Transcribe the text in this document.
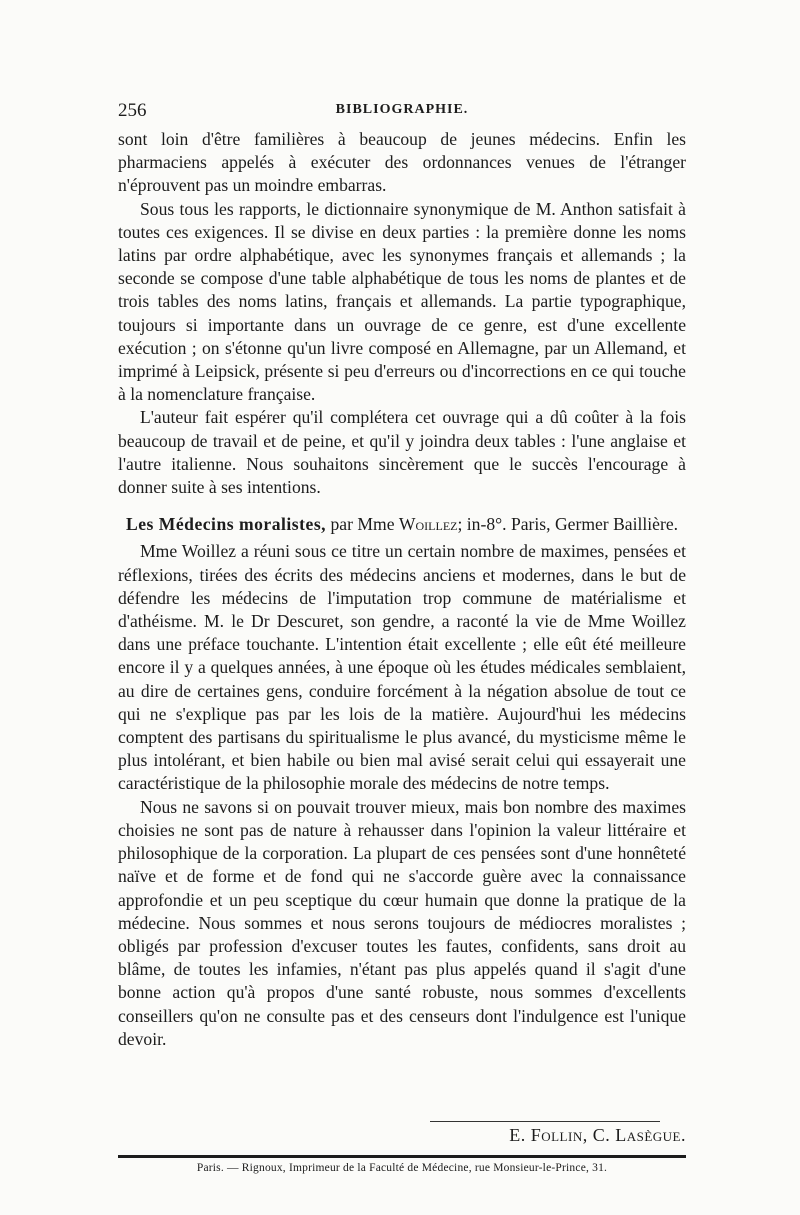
256	BIBLIOGRAPHIE.

sont loin d'être familières à beaucoup de jeunes médecins. Enfin les pharmaciens appelés à exécuter des ordonnances venues de l'étranger n'éprouvent pas un moindre embarras.

Sous tous les rapports, le dictionnaire synonymique de M. Anthon satisfait à toutes ces exigences. Il se divise en deux parties : la première donne les noms latins par ordre alphabétique, avec les synonymes français et allemands ; la seconde se compose d'une table alphabétique de tous les noms de plantes et de trois tables des noms latins, français et allemands. La partie typographique, toujours si importante dans un ouvrage de ce genre, est d'une excellente exécution ; on s'étonne qu'un livre composé en Allemagne, par un Allemand, et imprimé à Leipsick, présente si peu d'erreurs ou d'incorrections en ce qui touche à la nomenclature française.

L'auteur fait espérer qu'il complétera cet ouvrage qui a dû coûter à la fois beaucoup de travail et de peine, et qu'il y joindra deux tables : l'une anglaise et l'autre italienne. Nous souhaitons sincèrement que le succès l'encourage à donner suite à ses intentions.

Les Médecins moralistes, par Mme Woillez; in-8°. Paris, Germer Baillière.

Mme Woillez a réuni sous ce titre un certain nombre de maximes, pensées et réflexions, tirées des écrits des médecins anciens et modernes, dans le but de défendre les médecins de l'imputation trop commune de matérialisme et d'athéisme. M. le Dr Descuret, son gendre, a raconté la vie de Mme Woillez dans une préface touchante. L'intention était excellente ; elle eût été meilleure encore il y a quelques années, à une époque où les études médicales semblaient, au dire de certaines gens, conduire forcément à la négation absolue de tout ce qui ne s'explique pas par les lois de la matière. Aujourd'hui les médecins comptent des partisans du spiritualisme le plus avancé, du mysticisme même le plus intolérant, et bien habile ou bien mal avisé serait celui qui essayerait une caractéristique de la philosophie morale des médecins de notre temps.

Nous ne savons si on pouvait trouver mieux, mais bon nombre des maximes choisies ne sont pas de nature à rehausser dans l'opinion la valeur littéraire et philosophique de la corporation. La plupart de ces pensées sont d'une honnêteté naïve et de forme et de fond qui ne s'accorde guère avec la connaissance approfondie et un peu sceptique du cœur humain que donne la pratique de la médecine. Nous sommes et nous serons toujours de médiocres moralistes ; obligés par profession d'excuser toutes les fautes, confidents, sans droit au blâme, de toutes les infamies, n'étant pas plus appelés quand il s'agit d'une bonne action qu'à propos d'une santé robuste, nous sommes d'excellents conseillers qu'on ne consulte pas et des censeurs dont l'indulgence est l'unique devoir.

E. Follin, C. Lasègue.
Paris. — Rignoux, Imprimeur de la Faculté de Médecine, rue Monsieur-le-Prince, 31.
